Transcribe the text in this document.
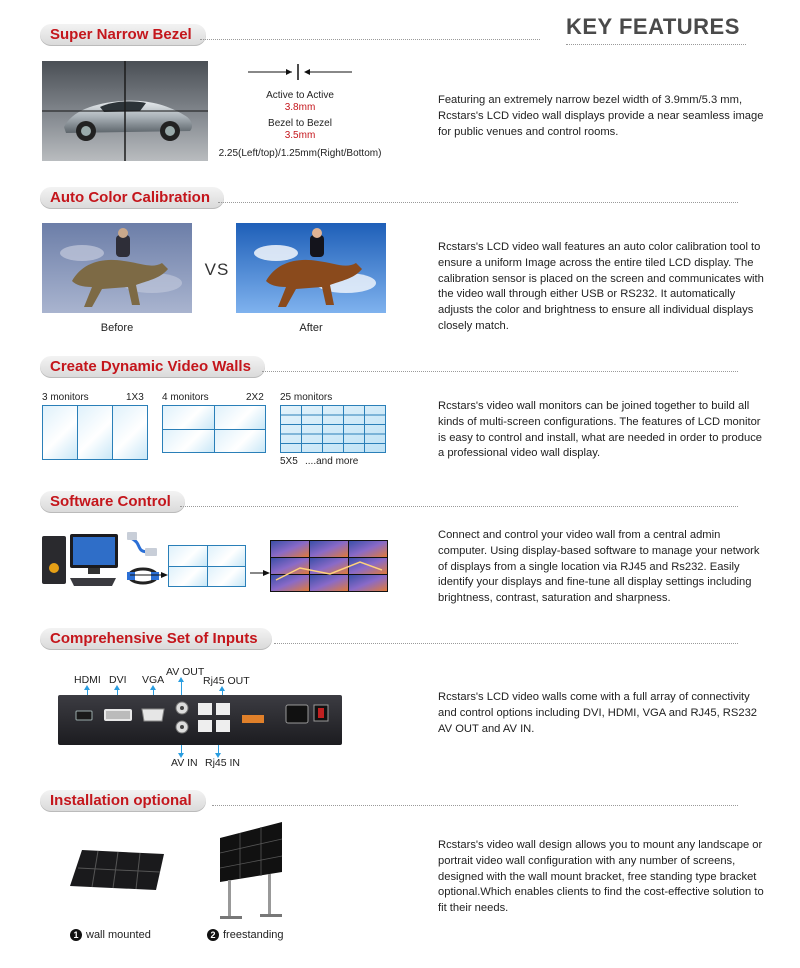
KEY FEATURES
Super Narrow Bezel
Active to Active
3.8mm
Bezel to Bezel
3.5mm
2.25(Left/top)/1.25mm(Right/Bottom)
Featuring an extremely narrow bezel width of 3.9mm/5.3 mm, Rcstars's LCD video wall displays provide a near seamless image for public venues and control rooms.
Auto Color Calibration
VS
Before	After
Rcstars's LCD video wall features an auto color calibration tool to ensure a uniform Image across the entire tiled LCD display. The calibration sensor is placed on the screen and communicates with the video wall through either USB or RS232. It automatically adjusts the color and brightness to ensure all individual displays closely match.
Create Dynamic Video Walls
3 monitors	1X3 4 monitors	2X2 25 monitors
5X5 ....and more
Rcstars's video wall monitors can be joined together to build all kinds of multi-screen configurations. The features of LCD monitor is easy to control and install, what are needed in order to produce a professional video wall display.
Software Control
Connect and control your video wall from a central admin computer. Using display-based software to manage your network of displays from a single location via RJ45 and Rs232. Easily identify your displays and fine-tune all display settings including brightness, contrast, saturation and sharpness.
Comprehensive Set of Inputs
HDMI DVI VGA
AV OUT
Rj45 OUT
AV IN Rj45 IN
Rcstars's LCD video walls come with a full array of connectivity and control options including DVI, HDMI, VGA and RJ45, RS232 AV OUT and AV IN.
Installation optional
1 wall mounted	2 freestanding
Rcstars's video wall design allows you to mount any landscape or portrait video wall configuration with any number of screens, designed with the wall mount bracket, free standing type bracket optional.Which enables clients to find the cost-effective solution to fit their needs.
